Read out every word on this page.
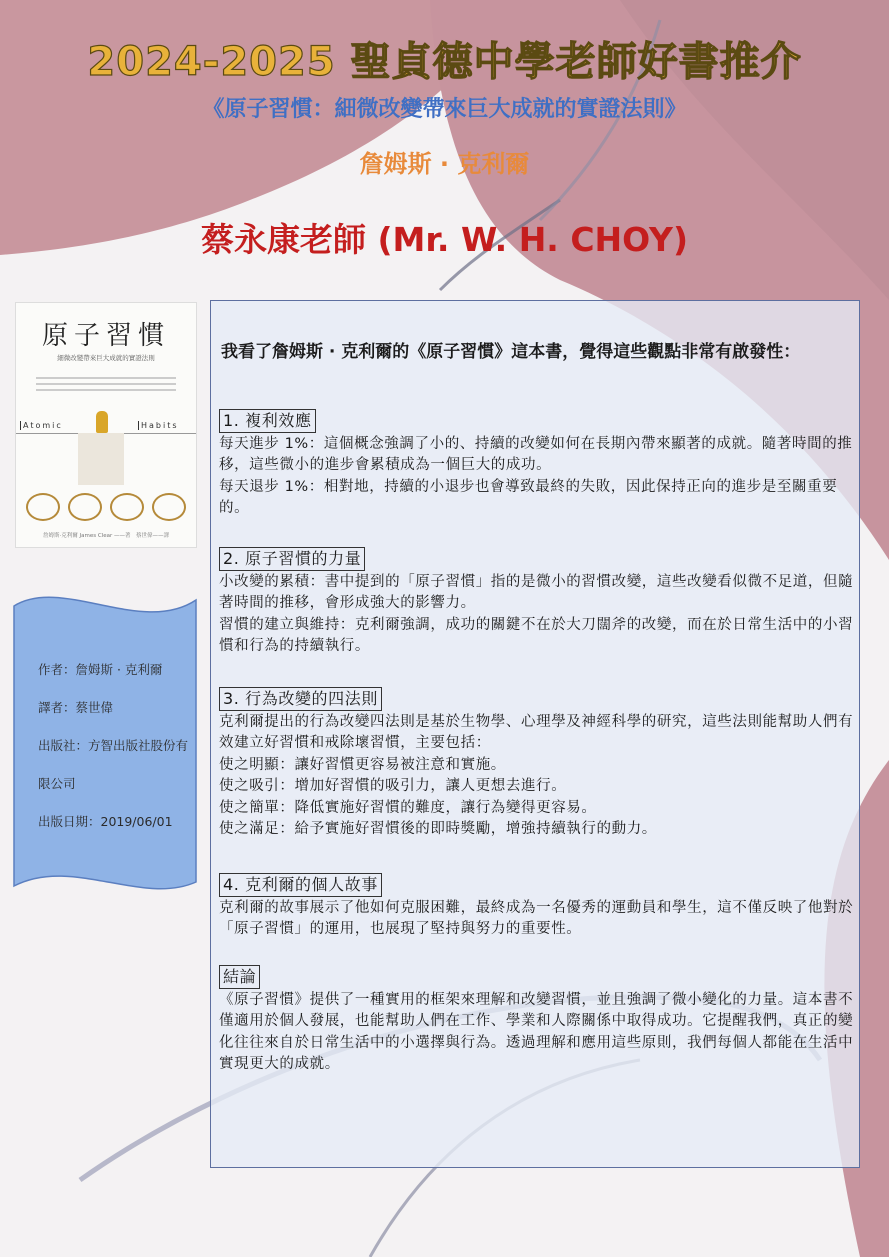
2024-2025 聖貞德中學老師好書推介
《原子習慣：細微改變帶來巨大成就的實證法則》
詹姆斯 · 克利爾
蔡永康老師 (Mr. W. H. CHOY)
原子習慣
細微改變帶來巨大成就的實證法則
Atomic	Habits
詹姆斯·克利爾 James Clear ——著　蔡世偉——譯
作者：詹姆斯 · 克利爾
譯者：蔡世偉
出版社：方智出版社股份有
限公司
出版日期：2019/06/01
我看了詹姆斯 · 克利爾的《原子習慣》這本書，覺得這些觀點非常有啟發性：
1. 複利效應

每天進步 1%：這個概念強調了小的、持續的改變如何在長期內帶來顯著的成就。隨著時間的推移，這些微小的進步會累積成為一個巨大的成功。

每天退步 1%：相對地，持續的小退步也會導致最終的失敗，因此保持正向的進步是至關重要的。

2. 原子習慣的力量

小改變的累積：書中提到的「原子習慣」指的是微小的習慣改變，這些改變看似微不足道，但隨著時間的推移，會形成強大的影響力。

習慣的建立與維持：克利爾強調，成功的關鍵不在於大刀闊斧的改變，而在於日常生活中的小習慣和行為的持續執行。

3. 行為改變的四法則

克利爾提出的行為改變四法則是基於生物學、心理學及神經科學的研究，這些法則能幫助人們有效建立好習慣和戒除壞習慣，主要包括：

使之明顯：讓好習慣更容易被注意和實施。

使之吸引：增加好習慣的吸引力，讓人更想去進行。

使之簡單：降低實施好習慣的難度，讓行為變得更容易。

使之滿足：給予實施好習慣後的即時獎勵，增強持續執行的動力。

4. 克利爾的個人故事

克利爾的故事展示了他如何克服困難，最終成為一名優秀的運動員和學生，這不僅反映了他對於「原子習慣」的運用，也展現了堅持與努力的重要性。

結論

《原子習慣》提供了一種實用的框架來理解和改變習慣，並且強調了微小變化的力量。這本書不僅適用於個人發展，也能幫助人們在工作、學業和人際關係中取得成功。它提醒我們，真正的變化往往來自於日常生活中的小選擇與行為。透過理解和應用這些原則，我們每個人都能在生活中實現更大的成就。
